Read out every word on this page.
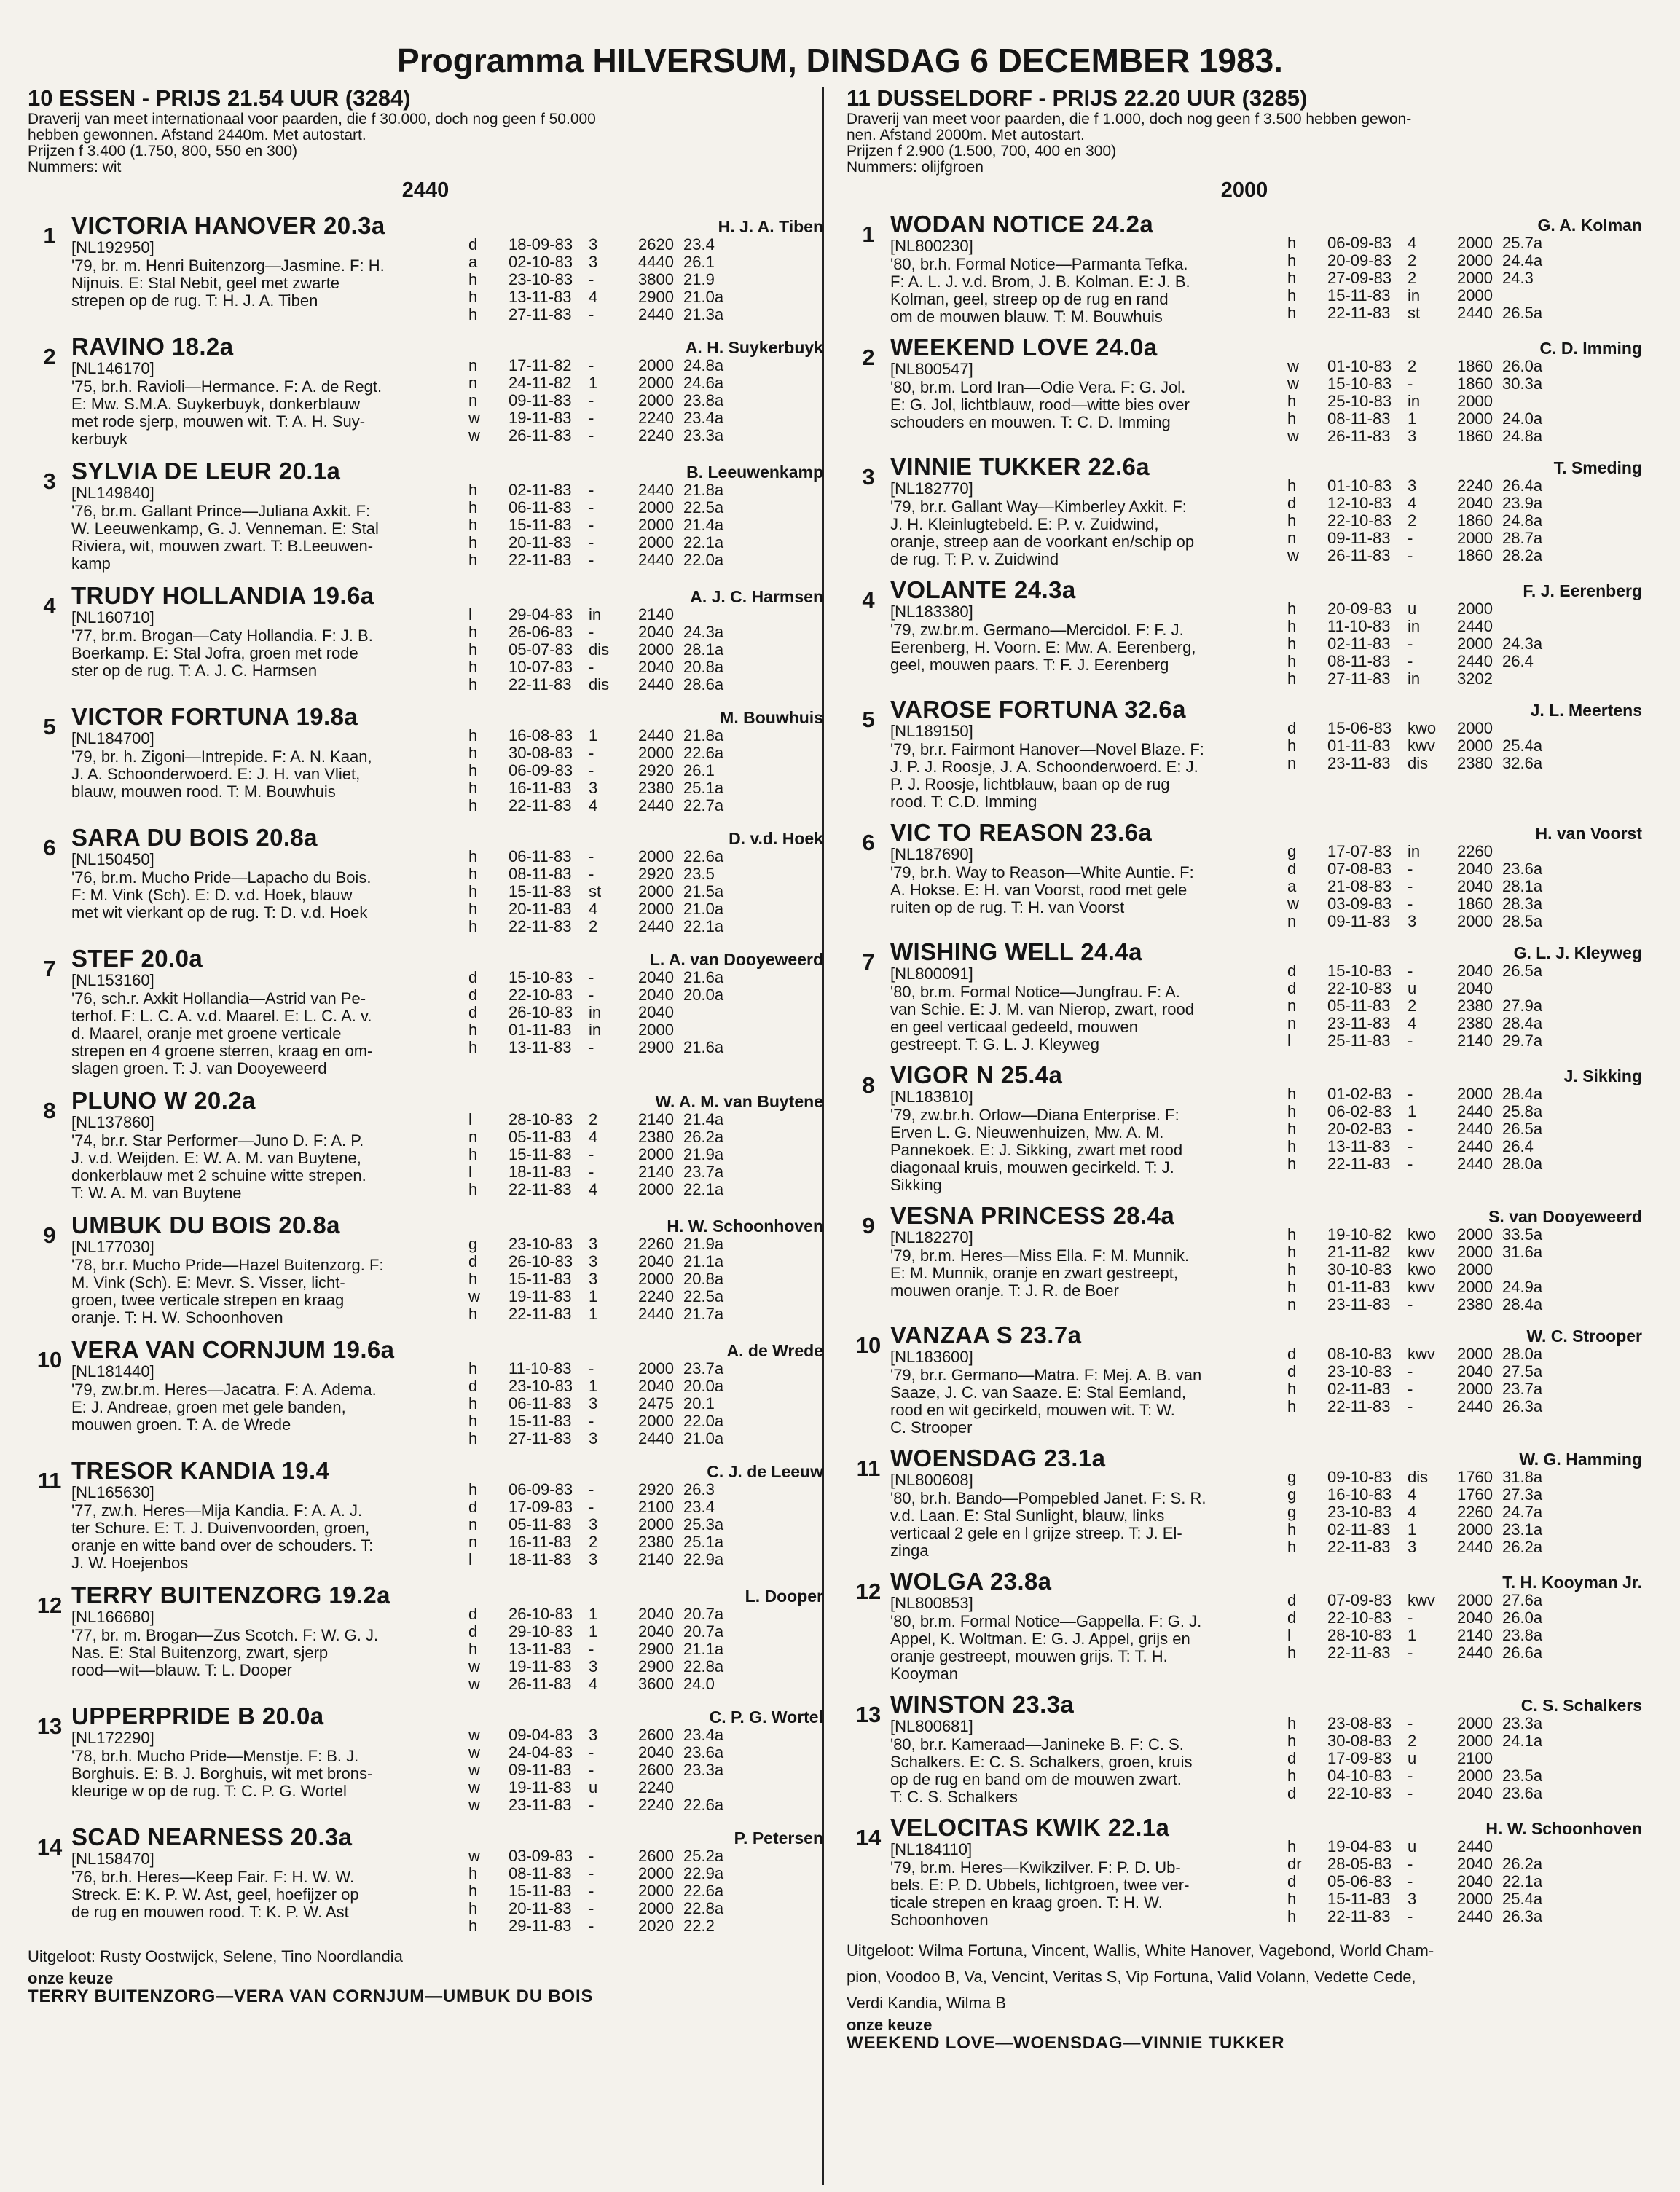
Programma HILVERSUM, DINSDAG 6 DECEMBER 1983.
10 ESSEN - PRIJS 21.54 UUR (3284)
Draverij van meet internationaal voor paarden, die f 30.000, doch nog geen f 50.000
hebben gewonnen. Afstand 2440m. Met autostart.
Prijzen f 3.400 (1.750, 800, 550 en 300)
Nummers: wit
2440
1 VICTORIA HANOVER 20.3a
[NL192950]
'79, br. m. Henri Buitenzorg—Jasmine. F: H.
Nijnuis. E: Stal Nebit, geel met zwarte
strepen op de rug. T: H. J. A. Tiben
H. J. A. Tiben
d	18-09-83	3	2620	23.4
a	02-10-83	3	4440	26.1
h	23-10-83	-	3800	21.9
h	13-11-83	4	2900	21.0a
h	27-11-83	-	2440	21.3a
2 RAVINO 18.2a
[NL146170]
'75, br.h. Ravioli—Hermance. F: A. de Regt.
E: Mw. S.M.A. Suykerbuyk, donkerblauw
met rode sjerp, mouwen wit. T: A. H. Suy-
kerbuyk
A. H. Suykerbuyk
n	17-11-82	-	2000	24.8a
n	24-11-82	1	2000	24.6a
n	09-11-83	-	2000	23.8a
w	19-11-83	-	2240	23.4a
w	26-11-83	-	2240	23.3a
3 SYLVIA DE LEUR 20.1a
[NL149840]
'76, br.m. Gallant Prince—Juliana Axkit. F:
W. Leeuwenkamp, G. J. Venneman. E: Stal
Riviera, wit, mouwen zwart. T: B.Leeuwen-
kamp
B. Leeuwenkamp
h	02-11-83	-	2440	21.8a
h	06-11-83	-	2000	22.5a
h	15-11-83	-	2000	21.4a
h	20-11-83	-	2000	22.1a
h	22-11-83	-	2440	22.0a
4 TRUDY HOLLANDIA 19.6a
[NL160710]
'77, br.m. Brogan—Caty Hollandia. F: J. B.
Boerkamp. E: Stal Jofra, groen met rode
ster op de rug. T: A. J. C. Harmsen
A. J. C. Harmsen
l	29-04-83	in	2140	
h	26-06-83	-	2040	24.3a
h	05-07-83	dis	2000	28.1a
h	10-07-83	-	2040	20.8a
h	22-11-83	dis	2440	28.6a
5 VICTOR FORTUNA 19.8a
[NL184700]
'79, br. h. Zigoni—Intrepide. F: A. N. Kaan,
J. A. Schoonderwoerd. E: J. H. van Vliet,
blauw, mouwen rood. T: M. Bouwhuis
M. Bouwhuis
h	16-08-83	1	2440	21.8a
h	30-08-83	-	2000	22.6a
h	06-09-83	-	2920	26.1
h	16-11-83	3	2380	25.1a
h	22-11-83	4	2440	22.7a
6 SARA DU BOIS 20.8a
[NL150450]
'76, br.m. Mucho Pride—Lapacho du Bois.
F: M. Vink (Sch). E: D. v.d. Hoek, blauw
met wit vierkant op de rug. T: D. v.d. Hoek
D. v.d. Hoek
h	06-11-83	-	2000	22.6a
h	08-11-83	-	2920	23.5
h	15-11-83	st	2000	21.5a
h	20-11-83	4	2000	21.0a
h	22-11-83	2	2440	22.1a
7 STEF 20.0a
[NL153160]
'76, sch.r. Axkit Hollandia—Astrid van Pe-
terhof. F: L. C. A. v.d. Maarel. E: L. C. A. v.
d. Maarel, oranje met groene verticale
strepen en 4 groene sterren, kraag en om-
slagen groen. T: J. van Dooyeweerd
L. A. van Dooyeweerd
d	15-10-83	-	2040	21.6a
d	22-10-83	-	2040	20.0a
d	26-10-83	in	2040	
h	01-11-83	in	2000	
h	13-11-83	-	2900	21.6a
8 PLUNO W 20.2a
[NL137860]
'74, br.r. Star Performer—Juno D. F: A. P.
J. v.d. Weijden. E: W. A. M. van Buytene,
donkerblauw met 2 schuine witte strepen.
T: W. A. M. van Buytene
W. A. M. van Buytene
l	28-10-83	2	2140	21.4a
n	05-11-83	4	2380	26.2a
h	15-11-83	-	2000	21.9a
l	18-11-83	-	2140	23.7a
h	22-11-83	4	2000	22.1a
9 UMBUK DU BOIS 20.8a
[NL177030]
'78, br.r. Mucho Pride—Hazel Buitenzorg. F:
M. Vink (Sch). E: Mevr. S. Visser, licht-
groen, twee verticale strepen en kraag
oranje. T: H. W. Schoonhoven
H. W. Schoonhoven
g	23-10-83	3	2260	21.9a
d	26-10-83	3	2040	21.1a
h	15-11-83	3	2000	20.8a
w	19-11-83	1	2240	22.5a
h	22-11-83	1	2440	21.7a
10 VERA VAN CORNJUM 19.6a
[NL181440]
'79, zw.br.m. Heres—Jacatra. F: A. Adema.
E: J. Andreae, groen met gele banden,
mouwen groen. T: A. de Wrede
A. de Wrede
h	11-10-83	-	2000	23.7a
d	23-10-83	1	2040	20.0a
h	06-11-83	3	2475	20.1
h	15-11-83	-	2000	22.0a
h	27-11-83	3	2440	21.0a
11 TRESOR KANDIA 19.4
[NL165630]
'77, zw.h. Heres—Mija Kandia. F: A. A. J.
ter Schure. E: T. J. Duivenvoorden, groen,
oranje en witte band over de schouders. T:
J. W. Hoejenbos
C. J. de Leeuw
h	06-09-83	-	2920	26.3
d	17-09-83	-	2100	23.4
n	05-11-83	3	2000	25.3a
n	16-11-83	2	2380	25.1a
l	18-11-83	3	2140	22.9a
12 TERRY BUITENZORG 19.2a
[NL166680]
'77, br. m. Brogan—Zus Scotch. F: W. G. J.
Nas. E: Stal Buitenzorg, zwart, sjerp
rood—wit—blauw. T: L. Dooper
L. Dooper
d	26-10-83	1	2040	20.7a
d	29-10-83	1	2040	20.7a
h	13-11-83	-	2900	21.1a
w	19-11-83	3	2900	22.8a
w	26-11-83	4	3600	24.0
13 UPPERPRIDE B 20.0a
[NL172290]
'78, br.h. Mucho Pride—Menstje. F: B. J.
Borghuis. E: B. J. Borghuis, wit met brons-
kleurige w op de rug. T: C. P. G. Wortel
C. P. G. Wortel
w	09-04-83	3	2600	23.4a
w	24-04-83	-	2040	23.6a
w	09-11-83	-	2600	23.3a
w	19-11-83	u	2240	
w	23-11-83	-	2240	22.6a
14 SCAD NEARNESS 20.3a
[NL158470]
'76, br.h. Heres—Keep Fair. F: H. W. W.
Streck. E: K. P. W. Ast, geel, hoefijzer op
de rug en mouwen rood. T: K. P. W. Ast
P. Petersen
w	03-09-83	-	2600	25.2a
h	08-11-83	-	2000	22.9a
h	15-11-83	-	2000	22.6a
h	20-11-83	-	2000	22.8a
h	29-11-83	-	2020	22.2
Uitgeloot: Rusty Oostwijck, Selene, Tino Noordlandia
onze keuze
TERRY BUITENZORG—VERA VAN CORNJUM—UMBUK DU BOIS
11 DUSSELDORF - PRIJS 22.20 UUR (3285)
Draverij van meet voor paarden, die f 1.000, doch nog geen f 3.500 hebben gewon-
nen. Afstand 2000m. Met autostart.
Prijzen f 2.900 (1.500, 700, 400 en 300)
Nummers: olijfgroen
2000
1 WODAN NOTICE 24.2a
[NL800230]
'80, br.h. Formal Notice—Parmanta Tefka.
F: A. L. J. v.d. Brom, J. B. Kolman. E: J. B.
Kolman, geel, streep op de rug en rand
om de mouwen blauw. T: M. Bouwhuis
G. A. Kolman
h	06-09-83	4	2000	25.7a
h	20-09-83	2	2000	24.4a
h	27-09-83	2	2000	24.3
h	15-11-83	in	2000	
h	22-11-83	st	2440	26.5a
2 WEEKEND LOVE 24.0a
[NL800547]
'80, br.m. Lord Iran—Odie Vera. F: G. Jol.
E: G. Jol, lichtblauw, rood—witte bies over
schouders en mouwen. T: C. D. Imming
C. D. Imming
w	01-10-83	2	1860	26.0a
w	15-10-83	-	1860	30.3a
h	25-10-83	in	2000	
h	08-11-83	1	2000	24.0a
w	26-11-83	3	1860	24.8a
3 VINNIE TUKKER 22.6a
[NL182770]
'79, br.r. Gallant Way—Kimberley Axkit. F:
J. H. Kleinlugtebeld. E: P. v. Zuidwind,
oranje, streep aan de voorkant en/schip op
de rug. T: P. v. Zuidwind
T. Smeding
h	01-10-83	3	2240	26.4a
d	12-10-83	4	2040	23.9a
h	22-10-83	2	1860	24.8a
n	09-11-83	-	2000	28.7a
w	26-11-83	-	1860	28.2a
4 VOLANTE 24.3a
[NL183380]
'79, zw.br.m. Germano—Mercidol. F: F. J.
Eerenberg, H. Voorn. E: Mw. A. Eerenberg,
geel, mouwen paars. T: F. J. Eerenberg
F. J. Eerenberg
h	20-09-83	u	2000	
h	11-10-83	in	2440	
h	02-11-83	-	2000	24.3a
h	08-11-83	-	2440	26.4
h	27-11-83	in	3202	
5 VAROSE FORTUNA 32.6a
[NL189150]
'79, br.r. Fairmont Hanover—Novel Blaze. F:
J. P. J. Roosje, J. A. Schoonderwoerd. E: J.
P. J. Roosje, lichtblauw, baan op de rug
rood. T: C.D. Imming
J. L. Meertens
d	15-06-83	kwo	2000	
h	01-11-83	kwv	2000	25.4a
n	23-11-83	dis	2380	32.6a
6 VIC TO REASON 23.6a
[NL187690]
'79, br.h. Way to Reason—White Auntie. F:
A. Hokse. E: H. van Voorst, rood met gele
ruiten op de rug. T: H. van Voorst
H. van Voorst
g	17-07-83	in	2260	
d	07-08-83	-	2040	23.6a
a	21-08-83	-	2040	28.1a
w	03-09-83	-	1860	28.3a
n	09-11-83	3	2000	28.5a
7 WISHING WELL 24.4a
[NL800091]
'80, br.m. Formal Notice—Jungfrau. F: A.
van Schie. E: J. M. van Nierop, zwart, rood
en geel verticaal gedeeld, mouwen
gestreept. T: G. L. J. Kleyweg
G. L. J. Kleyweg
d	15-10-83	-	2040	26.5a
d	22-10-83	u	2040	
n	05-11-83	2	2380	27.9a
n	23-11-83	4	2380	28.4a
l	25-11-83	-	2140	29.7a
8 VIGOR N 25.4a
[NL183810]
'79, zw.br.h. Orlow—Diana Enterprise. F:
Erven L. G. Nieuwenhuizen, Mw. A. M.
Pannekoek. E: J. Sikking, zwart met rood
diagonaal kruis, mouwen gecirkeld. T: J.
Sikking
J. Sikking
h	01-02-83	-	2000	28.4a
h	06-02-83	1	2440	25.8a
h	20-02-83	-	2440	26.5a
h	13-11-83	-	2440	26.4
h	22-11-83	-	2440	28.0a
9 VESNA PRINCESS 28.4a
[NL182270]
'79, br.m. Heres—Miss Ella. F: M. Munnik.
E: M. Munnik, oranje en zwart gestreept,
mouwen oranje. T: J. R. de Boer
S. van Dooyeweerd
h	19-10-82	kwo	2000	33.5a
h	21-11-82	kwv	2000	31.6a
h	30-10-83	kwo	2000	
h	01-11-83	kwv	2000	24.9a
n	23-11-83	-	2380	28.4a
10 VANZAA S 23.7a
[NL183600]
'79, br.r. Germano—Matra. F: Mej. A. B. van
Saaze, J. C. van Saaze. E: Stal Eemland,
rood en wit gecirkeld, mouwen wit. T: W.
C. Strooper
W. C. Strooper
d	08-10-83	kwv	2000	28.0a
d	23-10-83	-	2040	27.5a
h	02-11-83	-	2000	23.7a
h	22-11-83	-	2440	26.3a
11 WOENSDAG 23.1a
[NL800608]
'80, br.h. Bando—Pompebled Janet. F: S. R.
v.d. Laan. E: Stal Sunlight, blauw, links
verticaal 2 gele en l grijze streep. T: J. El-
zinga
W. G. Hamming
g	09-10-83	dis	1760	31.8a
g	16-10-83	4	1760	27.3a
g	23-10-83	4	2260	24.7a
h	02-11-83	1	2000	23.1a
h	22-11-83	3	2440	26.2a
12 WOLGA 23.8a
[NL800853]
'80, br.m. Formal Notice—Gappella. F: G. J.
Appel, K. Woltman. E: G. J. Appel, grijs en
oranje gestreept, mouwen grijs. T: T. H.
Kooyman
T. H. Kooyman Jr.
d	07-09-83	kwv	2000	27.6a
d	22-10-83	-	2040	26.0a
l	28-10-83	1	2140	23.8a
h	22-11-83	-	2440	26.6a
13 WINSTON 23.3a
[NL800681]
'80, br.r. Kameraad—Janineke B. F: C. S.
Schalkers. E: C. S. Schalkers, groen, kruis
op de rug en band om de mouwen zwart.
T: C. S. Schalkers
C. S. Schalkers
h	23-08-83	-	2000	23.3a
h	30-08-83	2	2000	24.1a
d	17-09-83	u	2100	
h	04-10-83	-	2000	23.5a
d	22-10-83	-	2040	23.6a
14 VELOCITAS KWIK 22.1a
[NL184110]
'79, br.m. Heres—Kwikzilver. F: P. D. Ub-
bels. E: P. D. Ubbels, lichtgroen, twee ver-
ticale strepen en kraag groen. T: H. W.
Schoonhoven
H. W. Schoonhoven
h	19-04-83	u	2440	
dr	28-05-83	-	2040	26.2a
d	05-06-83	-	2040	22.1a
h	15-11-83	3	2000	25.4a
h	22-11-83	-	2440	26.3a
Uitgeloot: Wilma Fortuna, Vincent, Wallis, White Hanover, Vagebond, World Cham-
pion, Voodoo B, Va, Vencint, Veritas S, Vip Fortuna, Valid Volann, Vedette Cede,
Verdi Kandia, Wilma B
onze keuze
WEEKEND LOVE—WOENSDAG—VINNIE TUKKER
